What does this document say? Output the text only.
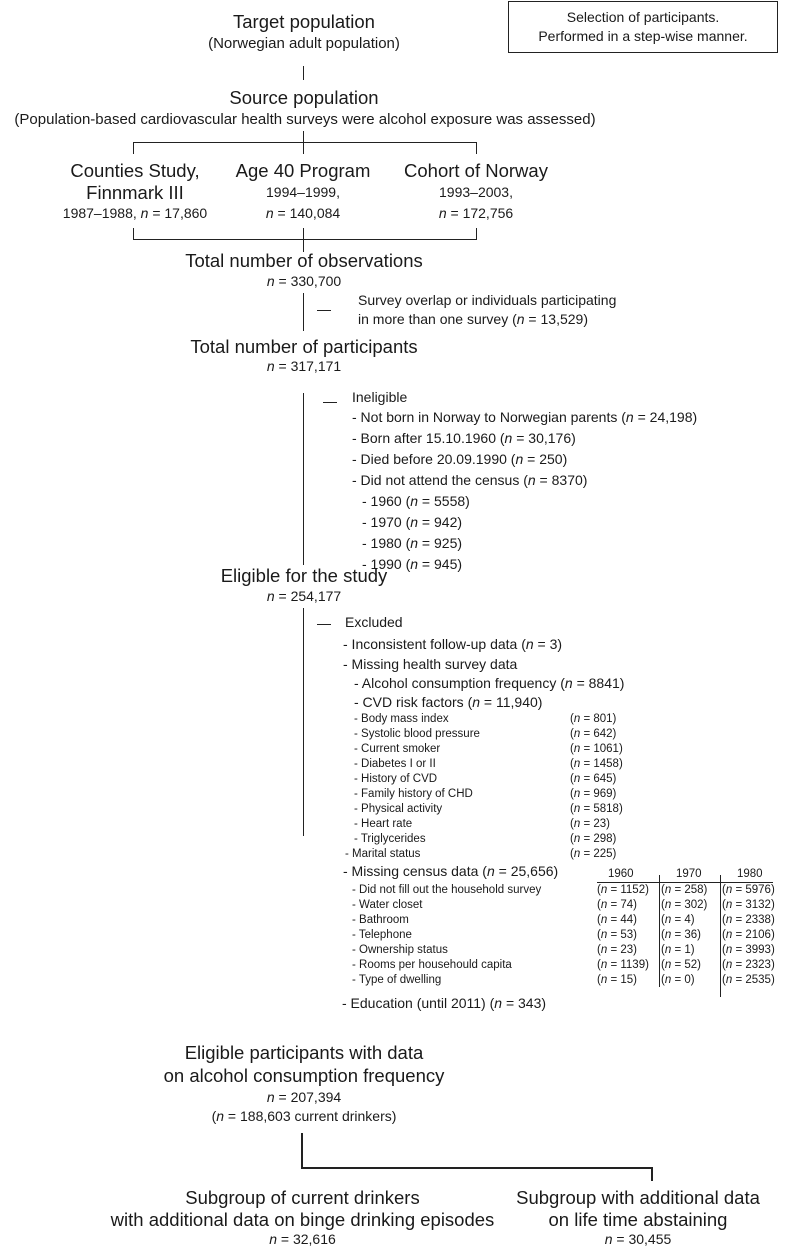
Selection of participants.
Performed in a step-wise manner.
Target population
(Norwegian adult population)
Source population
(Population-based cardiovascular health surveys were alcohol exposure was assessed)
Counties Study,
Finnmark III
1987–1988, n = 17,860
Age 40 Program
1994–1999,
n = 140,084
Cohort of Norway
1993–2003,
n = 172,756
Total number of observations
n = 330,700
Survey overlap or individuals participating
in more than one survey (n = 13,529)
Total number of participants
n = 317,171
Ineligible
- Not born in Norway to Norwegian parents (n = 24,198)
- Born after 15.10.1960 (n = 30,176)
- Died before 20.09.1990 (n = 250)
- Did not attend the census (n = 8370)
- 1960 (n = 5558)
- 1970 (n = 942)
- 1980 (n = 925)
- 1990 (n = 945)
Eligible for the study
n = 254,177
Excluded
- Inconsistent follow-up data (n = 3)
- Missing health survey data
- Alcohol consumption frequency (n = 8841)
- CVD risk factors (n = 11,940)
- Body mass index	(n = 801)
- Systolic blood pressure	(n = 642)
- Current smoker	(n = 1061)
- Diabetes I or II	(n = 1458)
- History of CVD	(n = 645)
- Family history of CHD	(n = 969)
- Physical activity	(n = 5818)
- Heart rate	(n = 23)
- Triglycerides	(n = 298)
- Marital status	(n = 225)
- Missing census data (n = 25,656)	1960	1970	1980
- Did not fill out the household survey	(n = 1152) (n = 258) (n = 5976)
- Water closet	(n = 74) (n = 302) (n = 3132)
- Bathroom	(n = 44) (n = 4) (n = 2338)
- Telephone	(n = 53) (n = 36) (n = 2106)
- Ownership status	(n = 23) (n = 1) (n = 3993)
- Rooms per househould capita	(n = 1139) (n = 52) (n = 2323)
- Type of dwelling	(n = 15) (n = 0) (n = 2535)
- Education (until 2011) (n = 343)
Eligible participants with data
on alcohol consumption frequency
n = 207,394
(n = 188,603 current drinkers)
Subgroup of current drinkers
with additional data on binge drinking episodes
n = 32,616
Subgroup with additional data
on life time abstaining
n = 30,455
